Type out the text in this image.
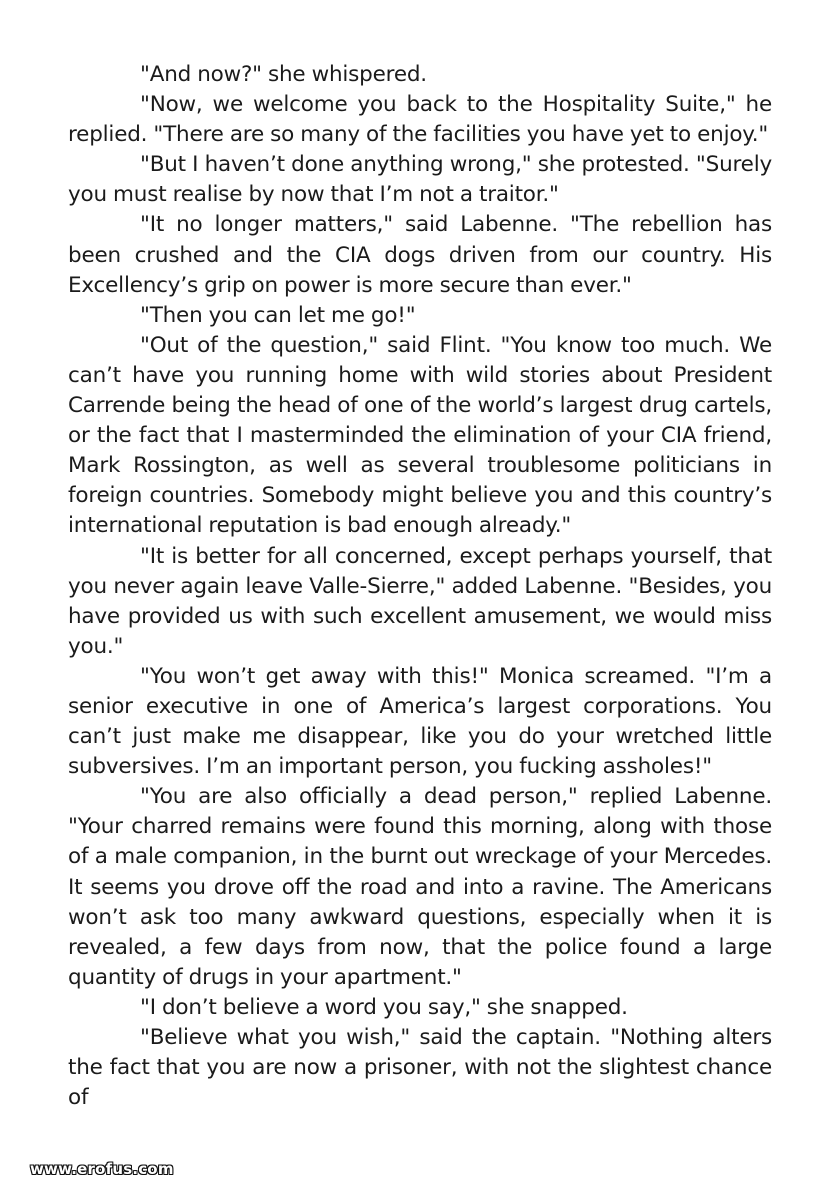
"And now?" she whispered.

"Now, we welcome you back to the Hospitality Suite," he replied. "There are so many of the facilities you have yet to enjoy."

"But I haven’t done anything wrong," she protested. "Surely you must realise by now that I’m not a traitor."

"It no longer matters," said Labenne. "The rebellion has been crushed and the CIA dogs driven from our country. His Excellency’s grip on power is more secure than ever."

"Then you can let me go!"

"Out of the question," said Flint. "You know too much. We can’t have you running home with wild stories about President Carrende being the head of one of the world’s largest drug cartels, or the fact that I masterminded the elimination of your CIA friend, Mark Rossington, as well as several troublesome politicians in foreign countries. Somebody might believe you and this country’s international reputation is bad enough already."

"It is better for all concerned, except perhaps yourself, that you never again leave Valle-Sierre," added Labenne. "Besides, you have provided us with such excellent amusement, we would miss you."

"You won’t get away with this!" Monica screamed. "I’m a senior executive in one of America’s largest corporations. You can’t just make me disappear, like you do your wretched little subversives. I’m an important person, you fucking assholes!"

"You are also officially a dead person," replied Labenne. "Your charred remains were found this morning, along with those of a male companion, in the burnt out wreckage of your Mercedes. It seems you drove off the road and into a ravine. The Americans won’t ask too many awkward questions, especially when it is revealed, a few days from now, that the police found a large quantity of drugs in your apartment."

"I don’t believe a word you say," she snapped.

"Believe what you wish," said the captain. "Nothing alters the fact that you are now a prisoner, with not the slightest chance of

www.erofus.com
